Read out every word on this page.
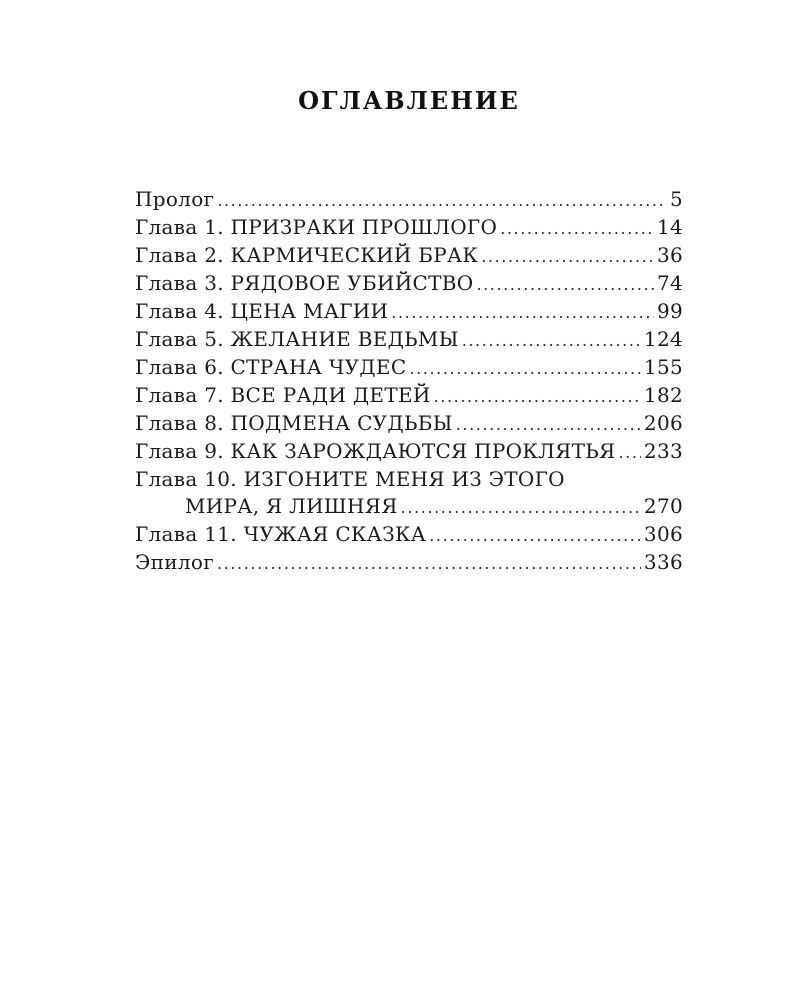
ОГЛАВЛЕНИЕ
Пролог .....	5
Глава 1. ПРИЗРАКИ ПРОШЛОГО .....	14
Глава 2. КАРМИЧЕСКИЙ БРАК .....	36
Глава 3. РЯДОВОЕ УБИЙСТВО .....	74
Глава 4. ЦЕНА МАГИИ .....	99
Глава 5. ЖЕЛАНИЕ ВЕДЬМЫ .....	124
Глава 6. СТРАНА ЧУДЕС .....	155
Глава 7. ВСЕ РАДИ ДЕТЕЙ .....	182
Глава 8. ПОДМЕНА СУДЬБЫ .....	206
Глава 9. КАК ЗАРОЖДАЮТСЯ ПРОКЛЯТЬЯ ..... 233
Глава 10. ИЗГОНИТЕ МЕНЯ ИЗ ЭТОГО
МИРА, Я ЛИШНЯЯ .....	270
Глава 11. ЧУЖАЯ СКАЗКА .....	306
Эпилог .....	336
